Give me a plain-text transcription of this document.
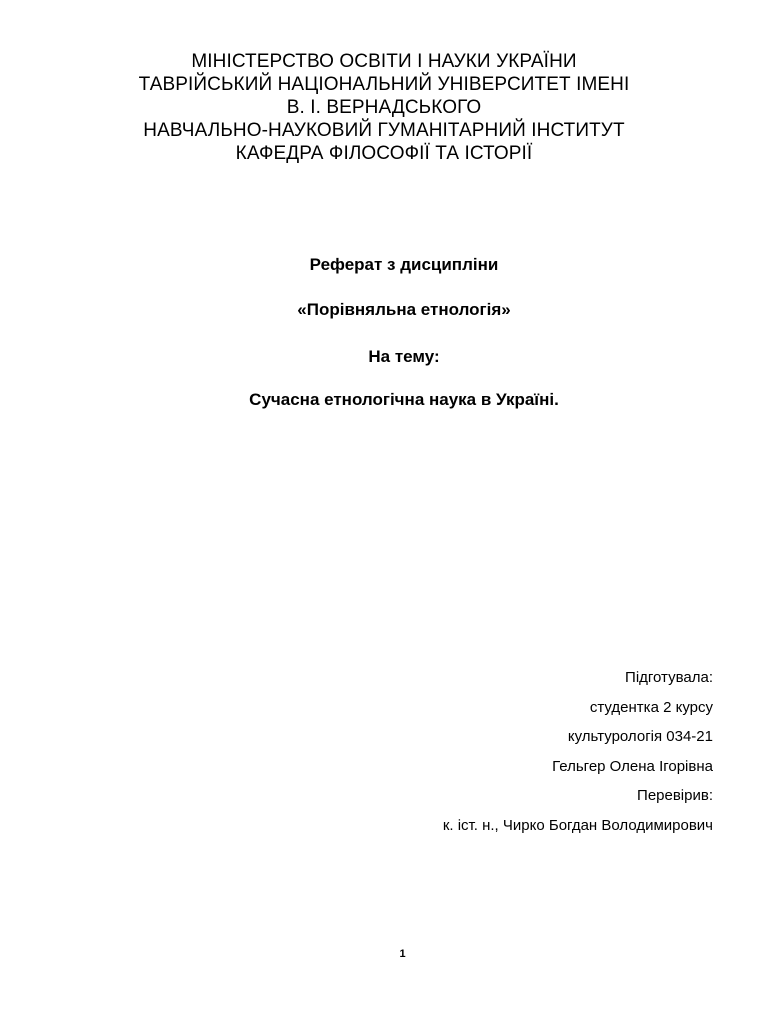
МІНІСТЕРСТВО ОСВІТИ І НАУКИ УКРАЇНИ
ТАВРІЙСЬКИЙ НАЦІОНАЛЬНИЙ УНІВЕРСИТЕТ ІМЕНІ
В. І. ВЕРНАДСЬКОГО
НАВЧАЛЬНО-НАУКОВИЙ ГУМАНІТАРНИЙ ІНСТИТУТ
КАФЕДРА ФІЛОСОФІЇ ТА ІСТОРІЇ
Реферат з дисципліни
«Порівняльна етнологія»
На тему:
Сучасна етнологічна наука в Україні.
Підготувала:
студентка 2 курсу
культурологія 034-21
Гельгер Олена Ігорівна
Перевірив:
к. іст. н., Чирко Богдан Володимирович
1
